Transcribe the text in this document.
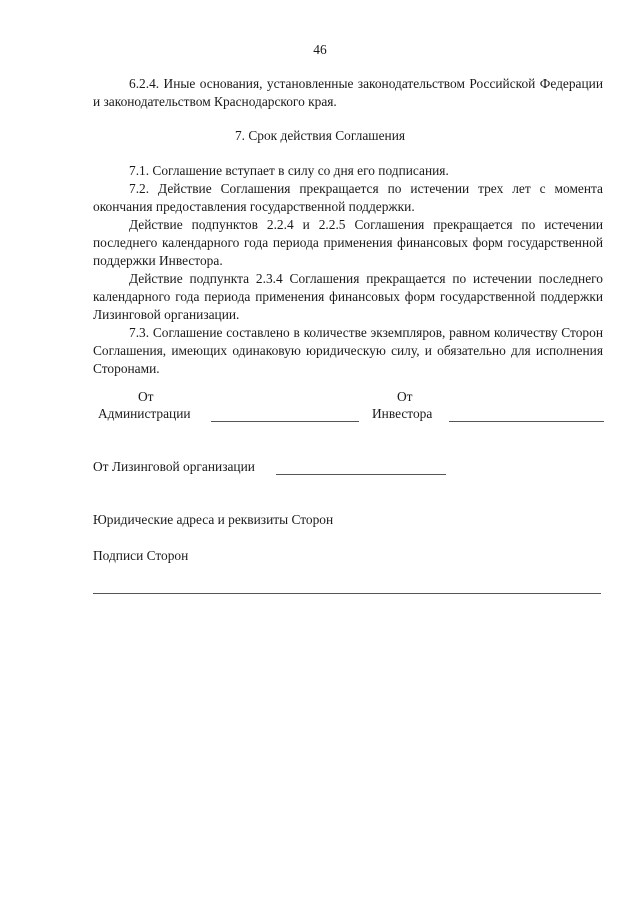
46

6.2.4. Иные основания, установленные законодательством Российской Федерации и законодательством Краснодарского края.

7. Срок действия Соглашения

7.1. Соглашение вступает в силу со дня его подписания.

7.2. Действие Соглашения прекращается по истечении трех лет с момента окончания предоставления государственной поддержки.

Действие подпунктов 2.2.4 и 2.2.5 Соглашения прекращается по истечении последнего календарного года периода применения финансовых форм государственной поддержки Инвестора.

Действие подпункта 2.3.4 Соглашения прекращается по истечении последнего календарного года периода применения финансовых форм государственной поддержки Лизинговой организации.

7.3. Соглашение составлено в количестве экземпляров, равном количеству Сторон Соглашения, имеющих одинаковую юридическую силу, и обязательно для исполнения Сторонами.

От
Администрации
От
Инвестора
От Лизинговой организации
Юридические адреса и реквизиты Сторон
Подписи Сторон
